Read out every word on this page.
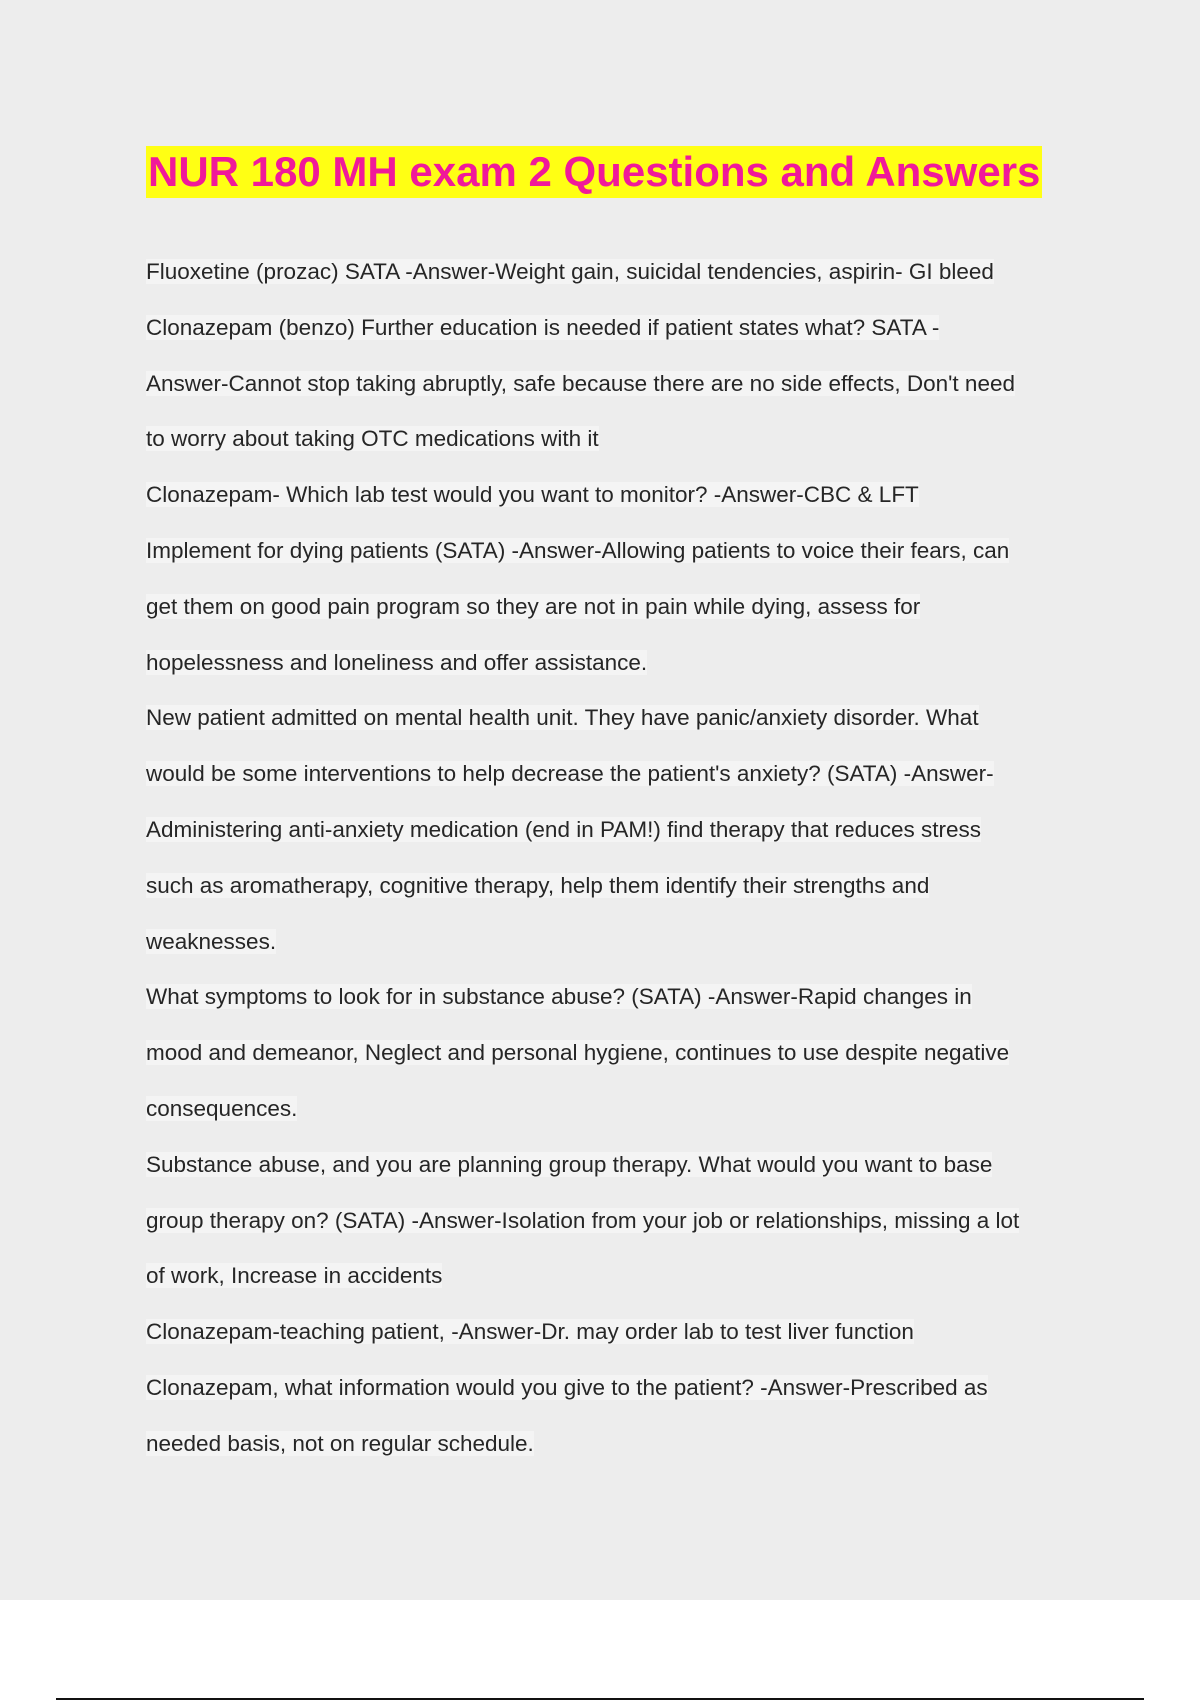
NUR 180 MH exam 2 Questions and Answers

Fluoxetine (prozac) SATA -Answer-Weight gain, suicidal tendencies, aspirin- GI bleed

Clonazepam (benzo) Further education is needed if patient states what? SATA -
Answer-Cannot stop taking abruptly, safe because there are no side effects, Don't need
to worry about taking OTC medications with it

Clonazepam- Which lab test would you want to monitor? -Answer-CBC & LFT

Implement for dying patients (SATA) -Answer-Allowing patients to voice their fears, can
get them on good pain program so they are not in pain while dying, assess for
hopelessness and loneliness and offer assistance.

New patient admitted on mental health unit. They have panic/anxiety disorder. What
would be some interventions to help decrease the patient's anxiety? (SATA) -Answer-
Administering anti-anxiety medication (end in PAM!) find therapy that reduces stress
such as aromatherapy, cognitive therapy, help them identify their strengths and
weaknesses.

What symptoms to look for in substance abuse? (SATA) -Answer-Rapid changes in
mood and demeanor, Neglect and personal hygiene, continues to use despite negative
consequences.

Substance abuse, and you are planning group therapy. What would you want to base
group therapy on? (SATA) -Answer-Isolation from your job or relationships, missing a lot
of work, Increase in accidents

Clonazepam-teaching patient, -Answer-Dr. may order lab to test liver function

Clonazepam, what information would you give to the patient? -Answer-Prescribed as
needed basis, not on regular schedule.
